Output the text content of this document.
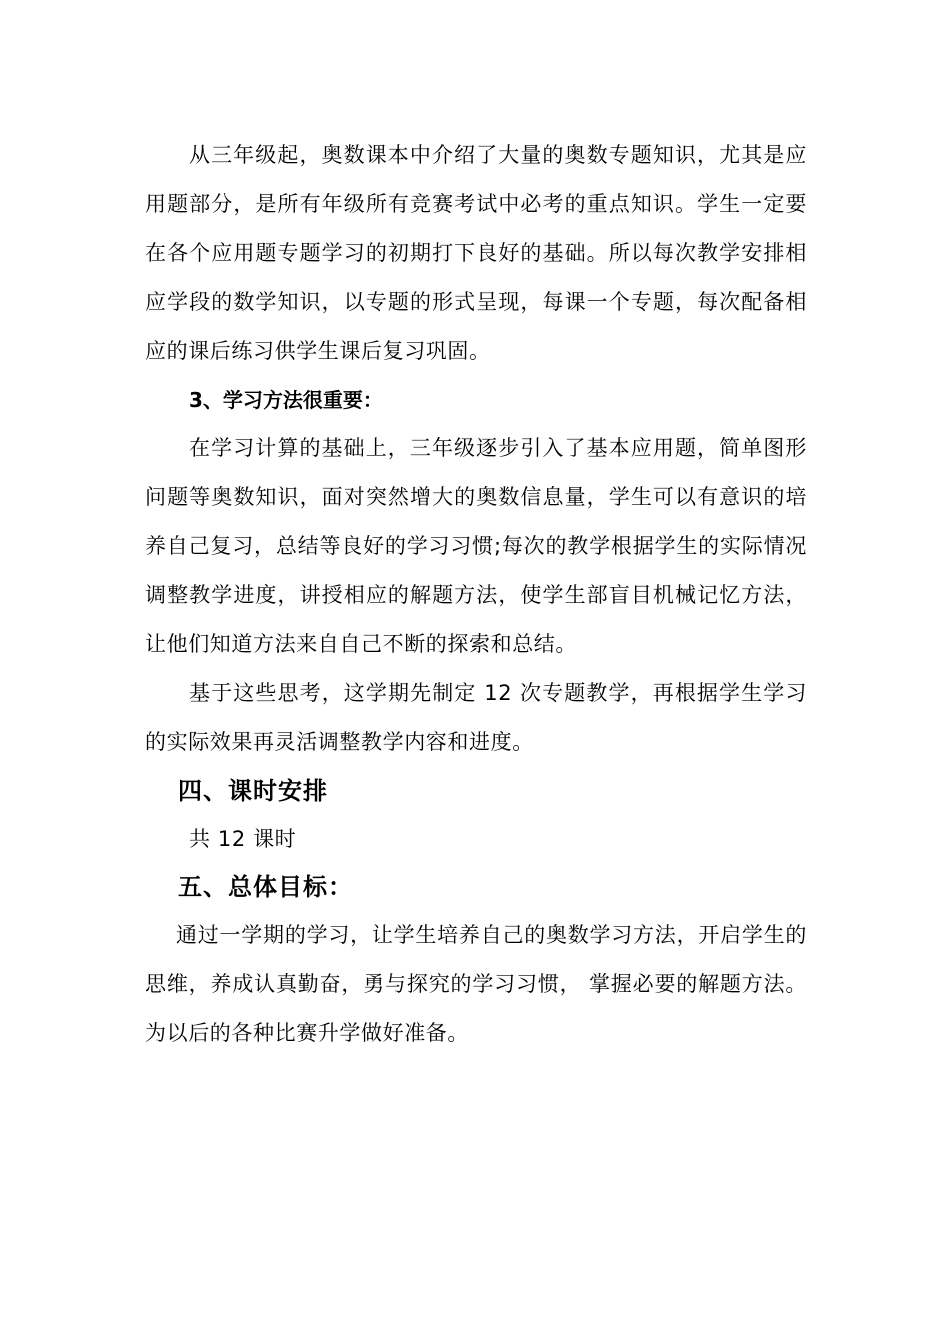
从三年级起，奥数课本中介绍了大量的奥数专题知识，尤其是应用题部分，是所有年级所有竞赛考试中必考的重点知识。学生一定要在各个应用题专题学习的初期打下良好的基础。所以每次教学安排相应学段的数学知识，以专题的形式呈现，每课一个专题，每次配备相应的课后练习供学生课后复习巩固。

3、学习方法很重要：

在学习计算的基础上，三年级逐步引入了基本应用题，简单图形问题等奥数知识，面对突然增大的奥数信息量，学生可以有意识的培养自己复习，总结等良好的学习习惯;每次的教学根据学生的实际情况调整教学进度，讲授相应的解题方法，使学生部盲目机械记忆方法，让他们知道方法来自自己不断的探索和总结。

基于这些思考，这学期先制定 12 次专题教学，再根据学生学习的实际效果再灵活调整教学内容和进度。

四、课时安排

共 12 课时

五、总体目标：

通过一学期的学习，让学生培养自己的奥数学习方法，开启学生的思维，养成认真勤奋，勇与探究的学习习惯， 掌握必要的解题方法。为以后的各种比赛升学做好准备。
